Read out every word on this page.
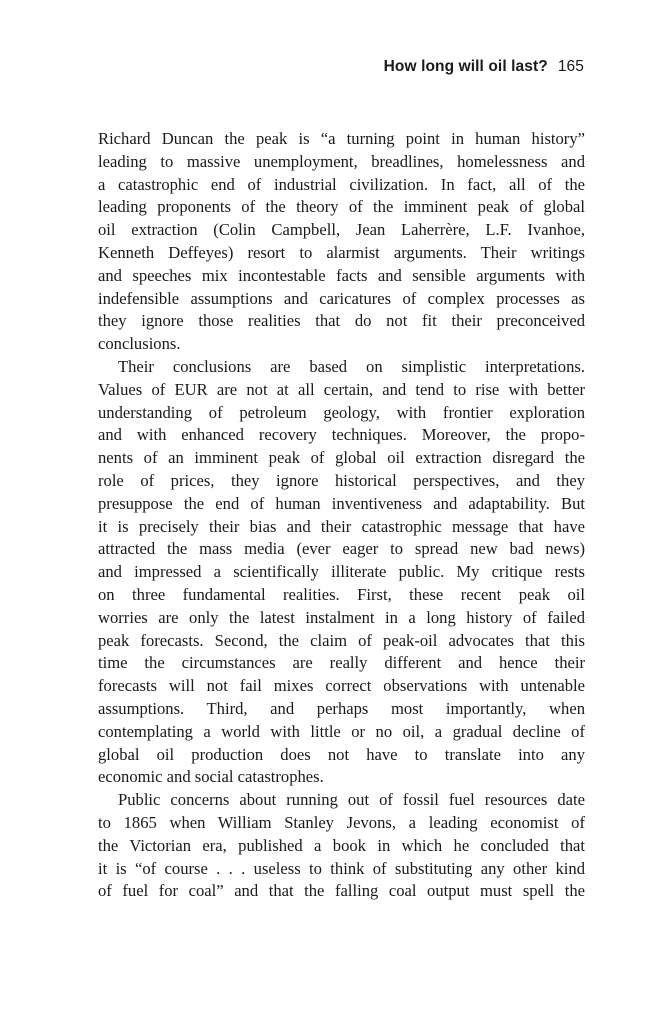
How long will oil last? 165

Richard Duncan the peak is “a turning point in human history”
leading to massive unemployment, breadlines, homelessness and
a catastrophic end of industrial civilization. In fact, all of the
leading proponents of the theory of the imminent peak of global
oil extraction (Colin Campbell, Jean Laherrère, L.F. Ivanhoe,
Kenneth Deffeyes) resort to alarmist arguments. Their writings
and speeches mix incontestable facts and sensible arguments with
indefensible assumptions and caricatures of complex processes as
they ignore those realities that do not fit their preconceived
conclusions.

Their conclusions are based on simplistic interpretations.
Values of EUR are not at all certain, and tend to rise with better
understanding of petroleum geology, with frontier exploration
and with enhanced recovery techniques. Moreover, the propo-
nents of an imminent peak of global oil extraction disregard the
role of prices, they ignore historical perspectives, and they
presuppose the end of human inventiveness and adaptability. But
it is precisely their bias and their catastrophic message that have
attracted the mass media (ever eager to spread new bad news)
and impressed a scientifically illiterate public. My critique rests
on three fundamental realities. First, these recent peak oil
worries are only the latest instalment in a long history of failed
peak forecasts. Second, the claim of peak-oil advocates that this
time the circumstances are really different and hence their
forecasts will not fail mixes correct observations with untenable
assumptions. Third, and perhaps most importantly, when
contemplating a world with little or no oil, a gradual decline of
global oil production does not have to translate into any
economic and social catastrophes.

Public concerns about running out of fossil fuel resources date
to 1865 when William Stanley Jevons, a leading economist of
the Victorian era, published a book in which he concluded that
it is “of course . . . useless to think of substituting any other kind
of fuel for coal” and that the falling coal output must spell the
